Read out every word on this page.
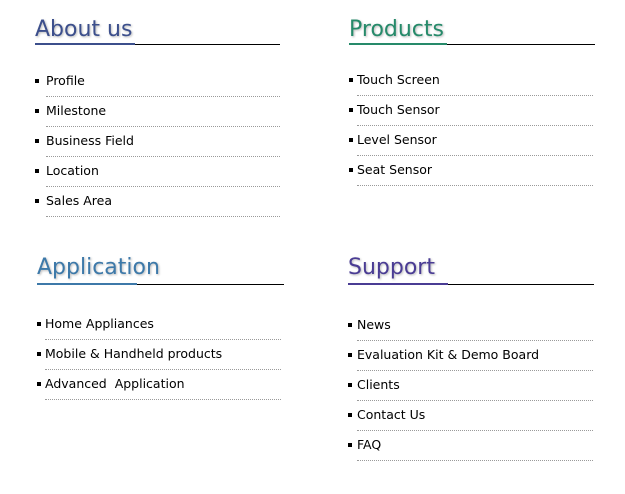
About us
Profile
Milestone
Business Field
Location
Sales Area
Products
Touch Screen
Touch Sensor
Level Sensor
Seat Sensor
Application
Home Appliances
Mobile & Handheld products
Advanced  Application
Support
News
Evaluation Kit & Demo Board
Clients
Contact Us
FAQ
